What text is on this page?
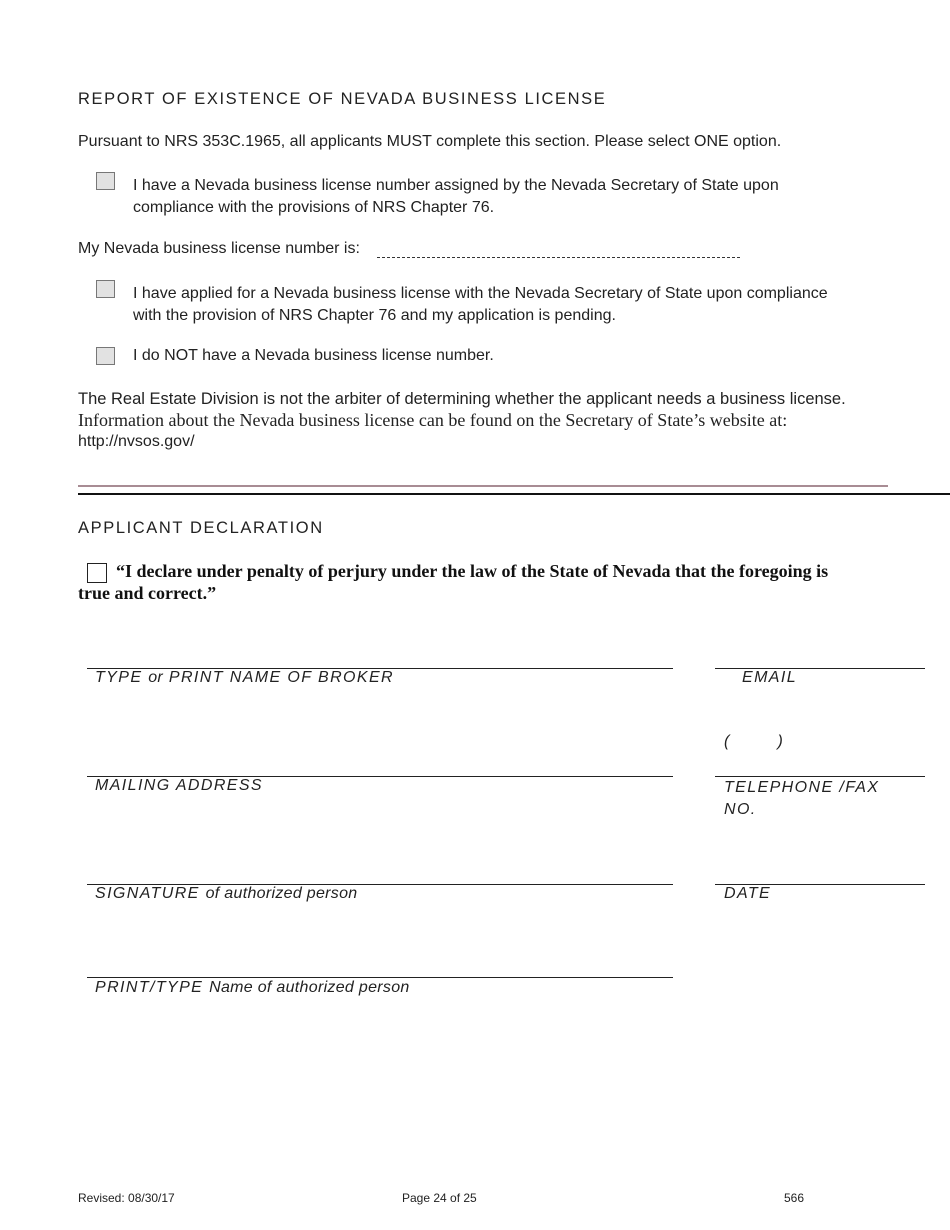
REPORT OF EXISTENCE OF NEVADA BUSINESS LICENSE
Pursuant to NRS 353C.1965, all applicants MUST complete this section. Please select ONE option.
I have a Nevada business license number assigned by the Nevada Secretary of State upon
compliance with the provisions of NRS Chapter 76.
My Nevada business license number is:
I have applied for a Nevada business license with the Nevada Secretary of State upon compliance
with the provision of NRS Chapter 76 and my application is pending.
I do NOT have a Nevada business license number.
The Real Estate Division is not the arbiter of determining whether the applicant needs a business license.
Information about the Nevada business license can be found on the Secretary of State’s website at:
http://nvsos.gov/
APPLICANT DECLARATION
“I declare under penalty of perjury under the law of the State of Nevada that the foregoing is
true and correct.”
TYPE or PRINT NAME OF BROKER	EMAIL
(        )
MAILING ADDRESS	TELEPHONE /FAX
NO.
SIGNATURE of authorized person	DATE
PRINT/TYPE Name of authorized person
Revised: 08/30/17	Page 24 of 25	566
